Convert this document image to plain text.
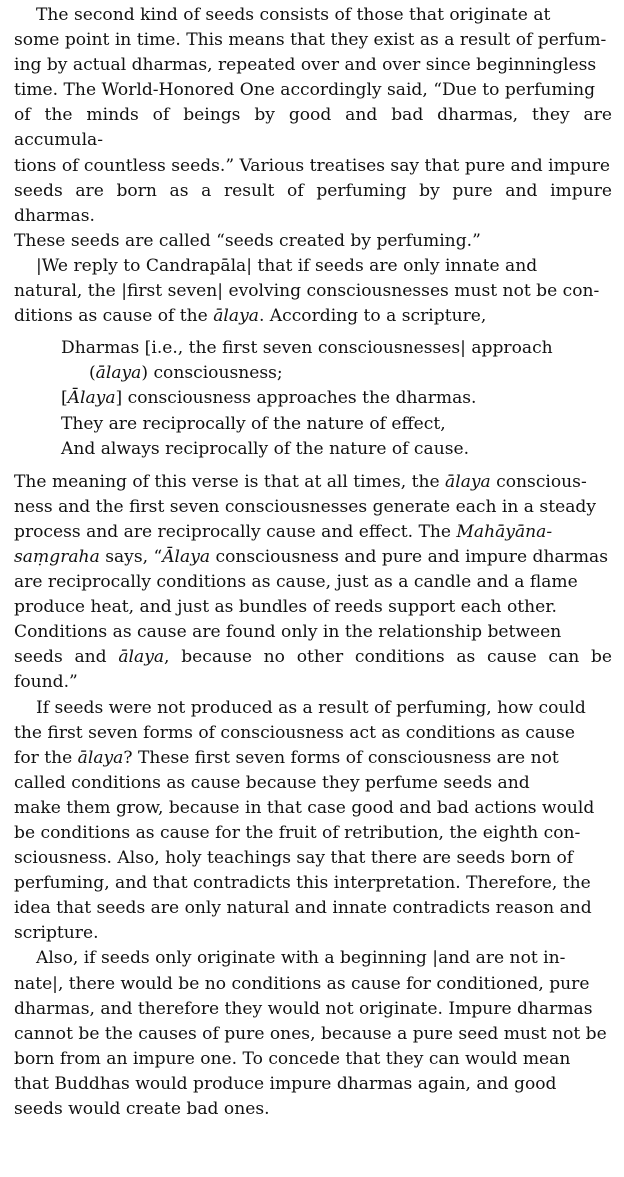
The second kind of seeds consists of those that originate at
some point in time. This means that they exist as a result of perfum-
ing by actual dharmas, repeated over and over since beginningless
time. The World-Honored One accordingly said, “Due to perfuming
of the minds of beings by good and bad dharmas, they are accumula-
tions of countless seeds.” Various treatises say that pure and impure
seeds are born as a result of perfuming by pure and impure dharmas.
These seeds are called “seeds created by perfuming.”

|We reply to Candrapāla| that if seeds are only innate and
natural, the |first seven| evolving consciousnesses must not be con-
ditions as cause of the ālaya. According to a scripture,

Dharmas [i.e., the first seven consciousnesses| approach
(ālaya) consciousness;
[Ālaya] consciousness approaches the dharmas.
They are reciprocally of the nature of effect,
And always reciprocally of the nature of cause.

The meaning of this verse is that at all times, the ālaya conscious-
ness and the first seven consciousnesses generate each in a steady
process and are reciprocally cause and effect. The Mahāyāna-
saṃgraha says, “Ālaya consciousness and pure and impure dharmas
are reciprocally conditions as cause, just as a candle and a flame
produce heat, and just as bundles of reeds support each other.
Conditions as cause are found only in the relationship between
seeds and ālaya, because no other conditions as cause can be found.”

If seeds were not produced as a result of perfuming, how could
the first seven forms of consciousness act as conditions as cause
for the ālaya? These first seven forms of consciousness are not
called conditions as cause because they perfume seeds and
make them grow, because in that case good and bad actions would
be conditions as cause for the fruit of retribution, the eighth con-
sciousness. Also, holy teachings say that there are seeds born of
perfuming, and that contradicts this interpretation. Therefore, the
idea that seeds are only natural and innate contradicts reason and
scripture.

Also, if seeds only originate with a beginning |and are not in-
nate|, there would be no conditions as cause for conditioned, pure
dharmas, and therefore they would not originate. Impure dharmas
cannot be the causes of pure ones, because a pure seed must not be
born from an impure one. To concede that they can would mean
that Buddhas would produce impure dharmas again, and good
seeds would create bad ones.
